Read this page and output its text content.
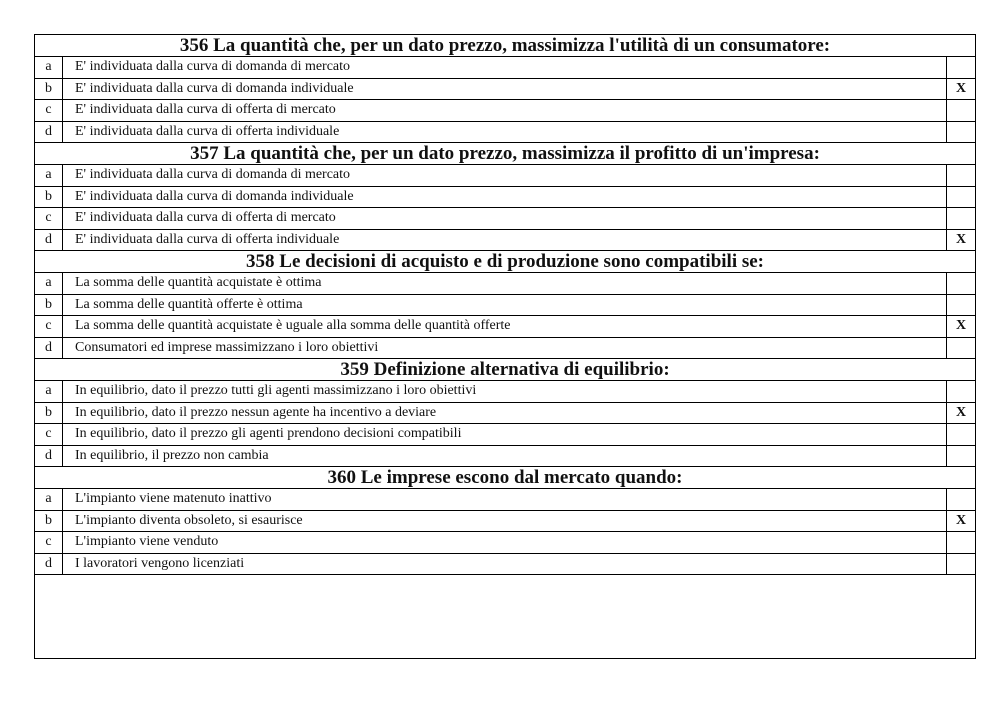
356 La quantità che, per un dato prezzo, massimizza l'utilità di un consumatore:		
a	E' individuata dalla curva di domanda di mercato	
b	E' individuata dalla curva di domanda individuale	X
c	E' individuata dalla curva di offerta di mercato	
d	E' individuata dalla curva di offerta individuale	
357 La quantità che, per un dato prezzo, massimizza il profitto di un'impresa:		
a	E' individuata dalla curva di domanda di mercato	
b	E' individuata dalla curva di domanda individuale	
c	E' individuata dalla curva di offerta di mercato	
d	E' individuata dalla curva di offerta individuale	X
358 Le decisioni di acquisto e di produzione sono compatibili se:		
a	La somma delle quantità acquistate è ottima	
b	La somma delle quantità offerte è ottima	
c	La somma delle quantità acquistate è uguale alla somma delle quantità offerte	X
d	Consumatori ed imprese massimizzano i loro obiettivi	
359 Definizione alternativa di equilibrio:		
a	In equilibrio, dato il prezzo tutti gli agenti massimizzano i loro obiettivi	
b	In equilibrio, dato il prezzo nessun agente ha incentivo a deviare	X
c	In equilibrio, dato il prezzo gli agenti prendono decisioni compatibili	
d	In equilibrio, il prezzo non cambia	
360 Le imprese escono dal mercato quando:		
a	L'impianto viene matenuto inattivo	
b	L'impianto diventa obsoleto, si esaurisce	X
c	L'impianto viene venduto	
d	I lavoratori vengono licenziati	
